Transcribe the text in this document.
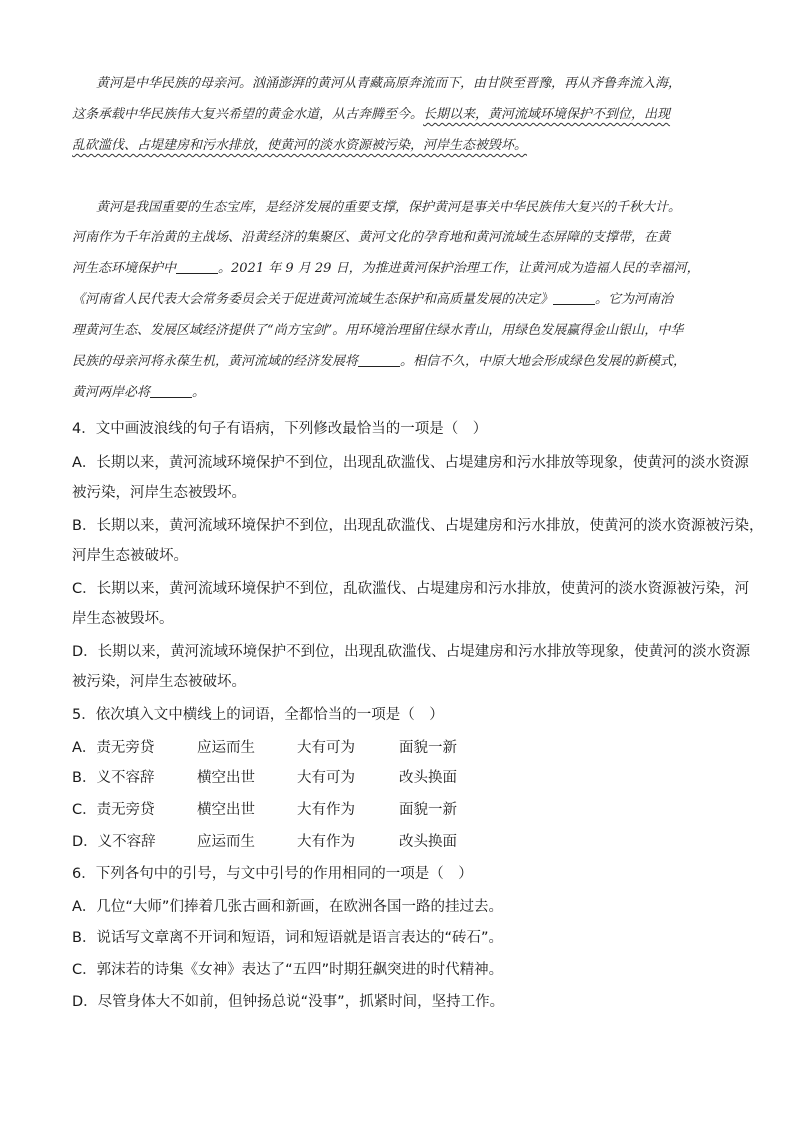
黄河是中华民族的母亲河。汹涌澎湃的黄河从青藏高原奔流而下，由甘陕至晋豫，再从齐鲁奔流入海，
这条承载中华民族伟大复兴希望的黄金水道，从古奔腾至今。长期以来，黄河流域环境保护不到位，出现
乱砍滥伐、占堤建房和污水排放，使黄河的淡水资源被污染，河岸生态被毁坏。
黄河是我国重要的生态宝库，是经济发展的重要支撑，保护黄河是事关中华民族伟大复兴的千秋大计。
河南作为千年治黄的主战场、沿黄经济的集聚区、黄河文化的孕育地和黄河流域生态屏障的支撑带，在黄
河生态环境保护中	。2021 年 9 月 29 日，为推进黄河保护治理工作，让黄河成为造福人民的幸福河，
《河南省人民代表大会常务委员会关于促进黄河流域生态保护和高质量发展的决定》	。它为河南治
理黄河生态、发展区域经济提供了“尚方宝剑”。用环境治理留住绿水青山，用绿色发展赢得金山银山，中华
民族的母亲河将永葆生机，黄河流域的经济发展将	。相信不久，中原大地会形成绿色发展的新模式，
黄河两岸必将	。
4．文中画波浪线的句子有语病，下列修改最恰当的一项是（　）
A．长期以来，黄河流域环境保护不到位，出现乱砍滥伐、占堤建房和污水排放等现象，使黄河的淡水资源
被污染，河岸生态被毁坏。
B．长期以来，黄河流域环境保护不到位，出现乱砍滥伐、占堤建房和污水排放，使黄河的淡水资源被污染，
河岸生态被破坏。
C．长期以来，黄河流域环境保护不到位，乱砍滥伐、占堤建房和污水排放，使黄河的淡水资源被污染，河
岸生态被毁坏。
D．长期以来，黄河流域环境保护不到位，出现乱砍滥伐、占堤建房和污水排放等现象，使黄河的淡水资源
被污染，河岸生态被破坏。
5．依次填入文中横线上的词语，全都恰当的一项是（　）
A．责无旁贷	应运而生	大有可为	面貌一新
B．义不容辞	横空出世	大有可为	改头换面
C．责无旁贷	横空出世	大有作为	面貌一新
D．义不容辞	应运而生	大有作为	改头换面
6．下列各句中的引号，与文中引号的作用相同的一项是（　）
A．几位“大师”们捧着几张古画和新画，在欧洲各国一路的挂过去。
B．说话写文章离不开词和短语，词和短语就是语言表达的“砖石”。
C．郭沫若的诗集《女神》表达了“五四”时期狂飙突进的时代精神。
D．尽管身体大不如前，但钟扬总说“没事”，抓紧时间，坚持工作。
